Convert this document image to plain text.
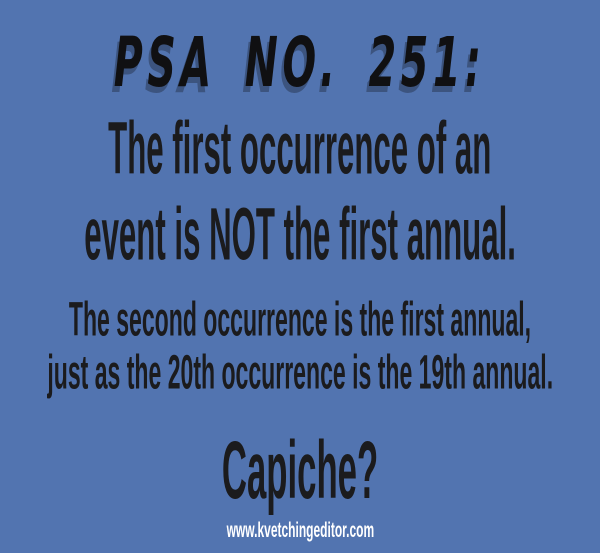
PSA NO. 251:
The first occurrence of an
event is NOT the first annual.
The second occurrence is the first annual,
just as the 20th occurrence is the 19th annual.
Capiche?
www.kvetchingeditor.com
